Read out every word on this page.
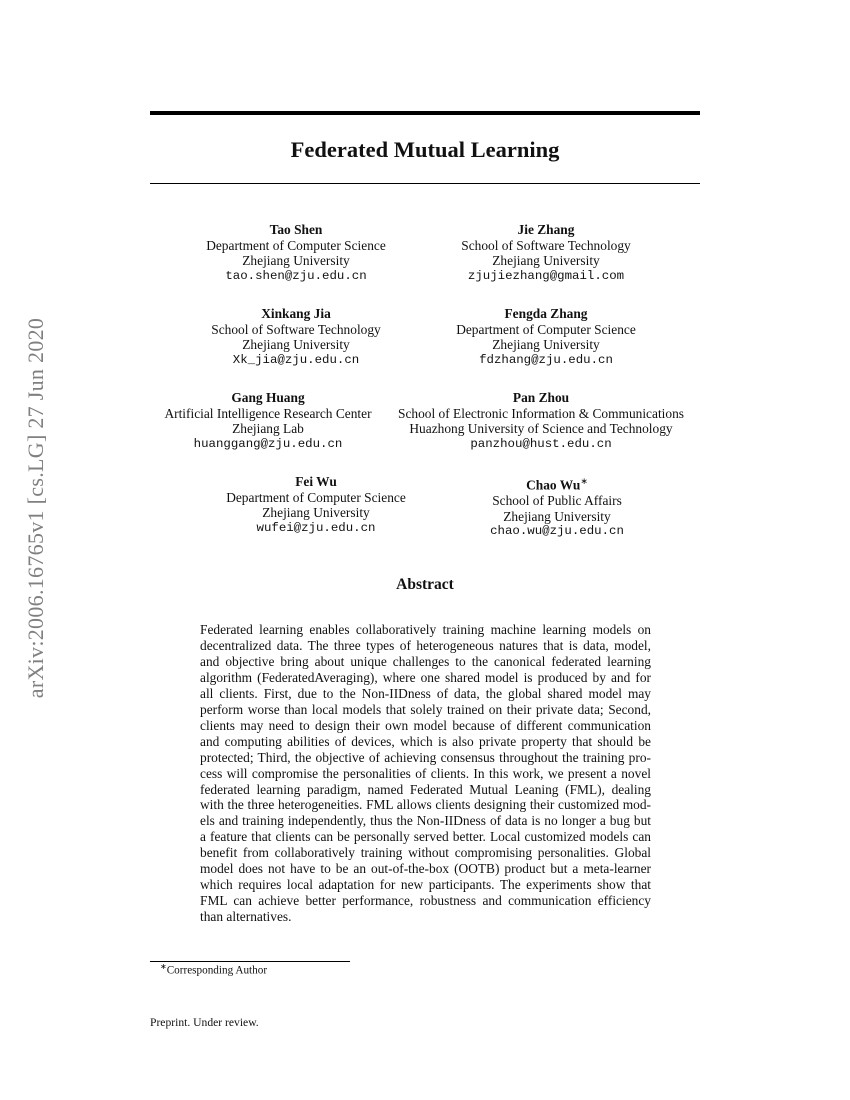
arXiv:2006.16765v1 [cs.LG] 27 Jun 2020
Federated Mutual Learning
Tao Shen
Department of Computer Science
Zhejiang University
tao.shen@zju.edu.cn
Jie Zhang
School of Software Technology
Zhejiang University
zjujiezhang@gmail.com
Xinkang Jia
School of Software Technology
Zhejiang University
Xk_jia@zju.edu.cn
Fengda Zhang
Department of Computer Science
Zhejiang University
fdzhang@zju.edu.cn
Gang Huang
Artificial Intelligence Research Center
Zhejiang Lab
huanggang@zju.edu.cn
Pan Zhou
School of Electronic Information & Communications
Huazhong University of Science and Technology
panzhou@hust.edu.cn
Fei Wu
Department of Computer Science
Zhejiang University
wufei@zju.edu.cn
Chao Wu∗
School of Public Affairs
Zhejiang University
chao.wu@zju.edu.cn
Abstract
Federated learning enables collaboratively training machine learning models on
decentralized data. The three types of heterogeneous natures that is data, model,
and objective bring about unique challenges to the canonical federated learning
algorithm (FederatedAveraging), where one shared model is produced by and for
all clients. First, due to the Non-IIDness of data, the global shared model may
perform worse than local models that solely trained on their private data; Second,
clients may need to design their own model because of different communication
and computing abilities of devices, which is also private property that should be
protected; Third, the objective of achieving consensus throughout the training pro-
cess will compromise the personalities of clients. In this work, we present a novel
federated learning paradigm, named Federated Mutual Leaning (FML), dealing
with the three heterogeneities. FML allows clients designing their customized mod-
els and training independently, thus the Non-IIDness of data is no longer a bug but
a feature that clients can be personally served better. Local customized models can
benefit from collaboratively training without compromising personalities. Global
model does not have to be an out-of-the-box (OOTB) product but a meta-learner
which requires local adaptation for new participants. The experiments show that
FML can achieve better performance, robustness and communication efficiency
than alternatives.
∗Corresponding Author
Preprint. Under review.
